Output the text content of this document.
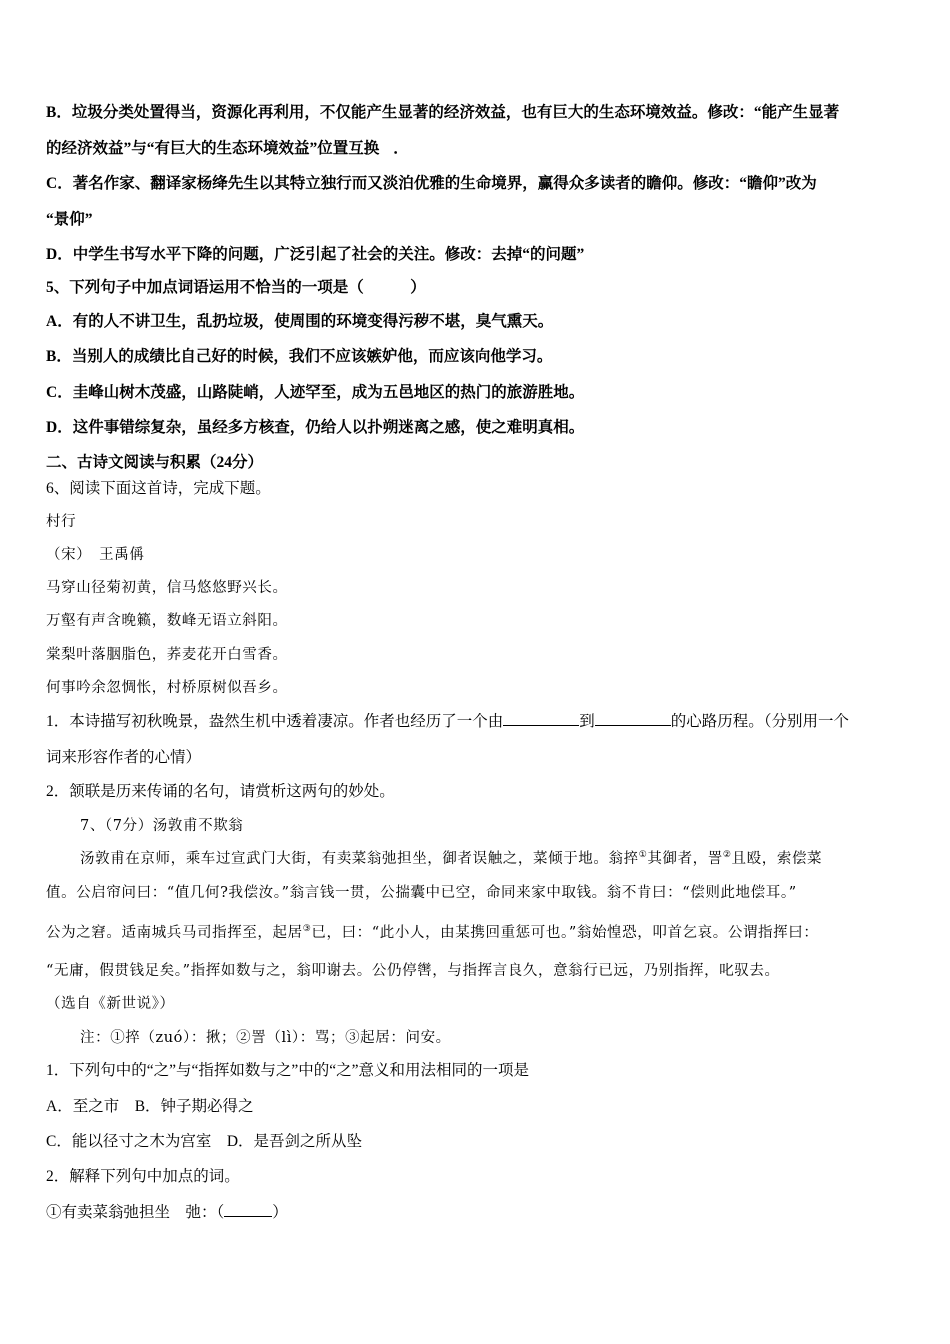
B．垃圾分类处置得当，资源化再利用，不仅能产生显著的经济效益，也有巨大的生态环境效益。修改：“能产生显著
的经济效益”与“有巨大的生态环境效益”位置互换 ．
C．著名作家、翻译家杨绛先生以其特立独行而又淡泊优雅的生命境界，赢得众多读者的瞻仰。修改：“瞻仰”改为
“景仰”
D．中学生书写水平下降的问题，广泛引起了社会的关注。修改：去掉“的问题”
5、下列句子中加点词语运用不恰当的一项是（　　　）
A．有的人不讲卫生，乱扔垃圾，使周围的环境变得污秽不堪，臭气熏天。
B．当别人的成绩比自己好的时候，我们不应该嫉妒他，而应该向他学习。
C．圭峰山树木茂盛，山路陡峭，人迹罕至，成为五邑地区的热门的旅游胜地。
D．这件事错综复杂，虽经多方核查，仍给人以扑朔迷离之感，使之难明真相。
二、古诗文阅读与积累（24分）
6、阅读下面这首诗，完成下题。
村行
（宋）　王禹偁
马穿山径菊初黄，信马悠悠野兴长。
万壑有声含晚籁，数峰无语立斜阳。
棠梨叶落胭脂色，荞麦花开白雪香。
何事吟余忽惆怅，村桥原树似吾乡。
1．本诗描写初秋晚景，盎然生机中透着凄凉。作者也经历了一个由	到	的心路历程。（分别用一个
词来形容作者的心情）
2．颔联是历来传诵的名句，请赏析这两句的妙处。
7、（7分）汤敦甫不欺翁
汤敦甫在京师，乘车过宣武门大街，有卖菜翁弛担坐，御者误触之，菜倾于地。翁捽①其御者，詈②且殴，索偿菜
值。公启帘问曰：“值几何?我偿汝。”翁言钱一贯，公揣囊中已空，命同来家中取钱。翁不肯曰：“偿则此地偿耳。”
公为之窘。适南城兵马司指挥至，起居③已，曰：“此小人，由某携回重惩可也。”翁始惶恐，叩首乞哀。公谓指挥曰：
“无庸，假贯钱足矣。”指挥如数与之，翁叩谢去。公仍停辔，与指挥言良久，意翁行已远，乃别指挥，叱驭去。
（选自《新世说》）
注：①捽（zuó）：揪；②詈（lì）：骂；③起居：问安。
1．下列句中的“之”与“指挥如数与之”中的“之”意义和用法相同的一项是
A．至之市　B．钟子期必得之
C．能以径寸之木为宫室　D．是吾剑之所从坠
2．解释下列句中加点的词。
①有卖菜翁弛担坐　弛：（	）
